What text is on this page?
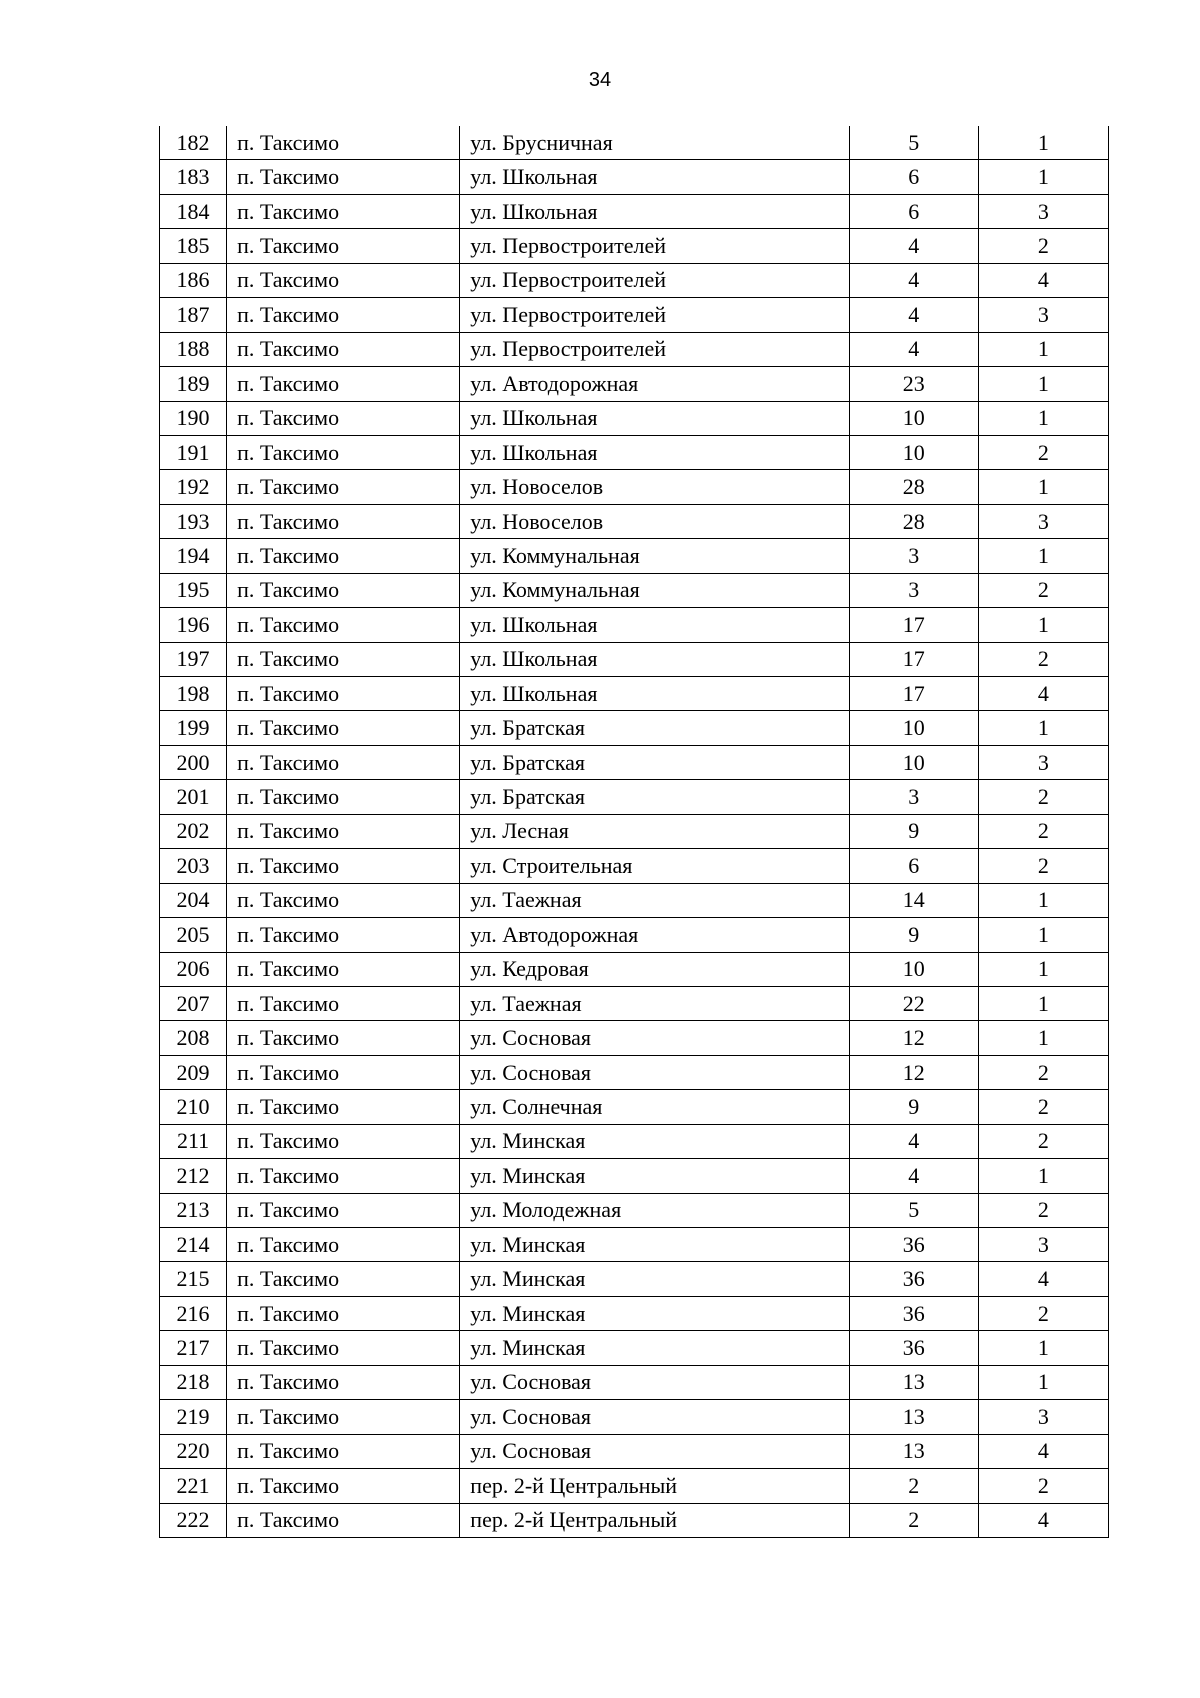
34
182	п. Таксимо	ул. Брусничная	5	1
183	п. Таксимо	ул. Школьная	6	1
184	п. Таксимо	ул. Школьная	6	3
185	п. Таксимо	ул. Первостроителей	4	2
186	п. Таксимо	ул. Первостроителей	4	4
187	п. Таксимо	ул. Первостроителей	4	3
188	п. Таксимо	ул. Первостроителей	4	1
189	п. Таксимо	ул. Автодорожная	23	1
190	п. Таксимо	ул. Школьная	10	1
191	п. Таксимо	ул. Школьная	10	2
192	п. Таксимо	ул. Новоселов	28	1
193	п. Таксимо	ул. Новоселов	28	3
194	п. Таксимо	ул. Коммунальная	3	1
195	п. Таксимо	ул. Коммунальная	3	2
196	п. Таксимо	ул. Школьная	17	1
197	п. Таксимо	ул. Школьная	17	2
198	п. Таксимо	ул. Школьная	17	4
199	п. Таксимо	ул. Братская	10	1
200	п. Таксимо	ул. Братская	10	3
201	п. Таксимо	ул. Братская	3	2
202	п. Таксимо	ул. Лесная	9	2
203	п. Таксимо	ул. Строительная	6	2
204	п. Таксимо	ул. Таежная	14	1
205	п. Таксимо	ул. Автодорожная	9	1
206	п. Таксимо	ул. Кедровая	10	1
207	п. Таксимо	ул. Таежная	22	1
208	п. Таксимо	ул. Сосновая	12	1
209	п. Таксимо	ул. Сосновая	12	2
210	п. Таксимо	ул. Солнечная	9	2
211	п. Таксимо	ул. Минская	4	2
212	п. Таксимо	ул. Минская	4	1
213	п. Таксимо	ул. Молодежная	5	2
214	п. Таксимо	ул. Минская	36	3
215	п. Таксимо	ул. Минская	36	4
216	п. Таксимо	ул. Минская	36	2
217	п. Таксимо	ул. Минская	36	1
218	п. Таксимо	ул. Сосновая	13	1
219	п. Таксимо	ул. Сосновая	13	3
220	п. Таксимо	ул. Сосновая	13	4
221	п. Таксимо	пер. 2-й Центральный	2	2
222	п. Таксимо	пер. 2-й Центральный	2	4
